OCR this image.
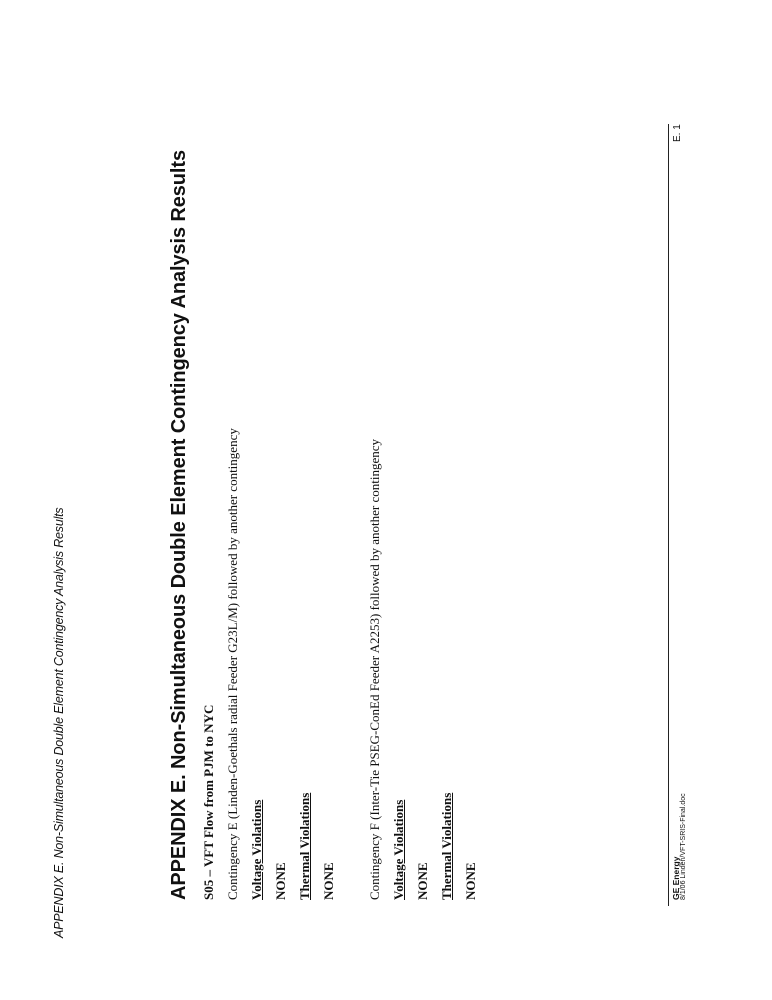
APPENDIX E. Non-Simultaneous Double Element Contingency Analysis Results	APPENDIX E. Non-Simultaneous Double Element Contingency Analysis Results S05 – VFT Flow from PJM to NYC Contingency E (Linden-Goethals radial Feeder G23L/M) followed by another contingency Voltage Violations NONE Thermal Violations NONE	Contingency F (Inter-Tie PSEG-ConEd Feeder A2253) followed by another contingency Voltage Violations NONE Thermal Violations NONE	GE Energy 8/1/06 Linden/VFT-SRIS-Final.doc
E. 1
